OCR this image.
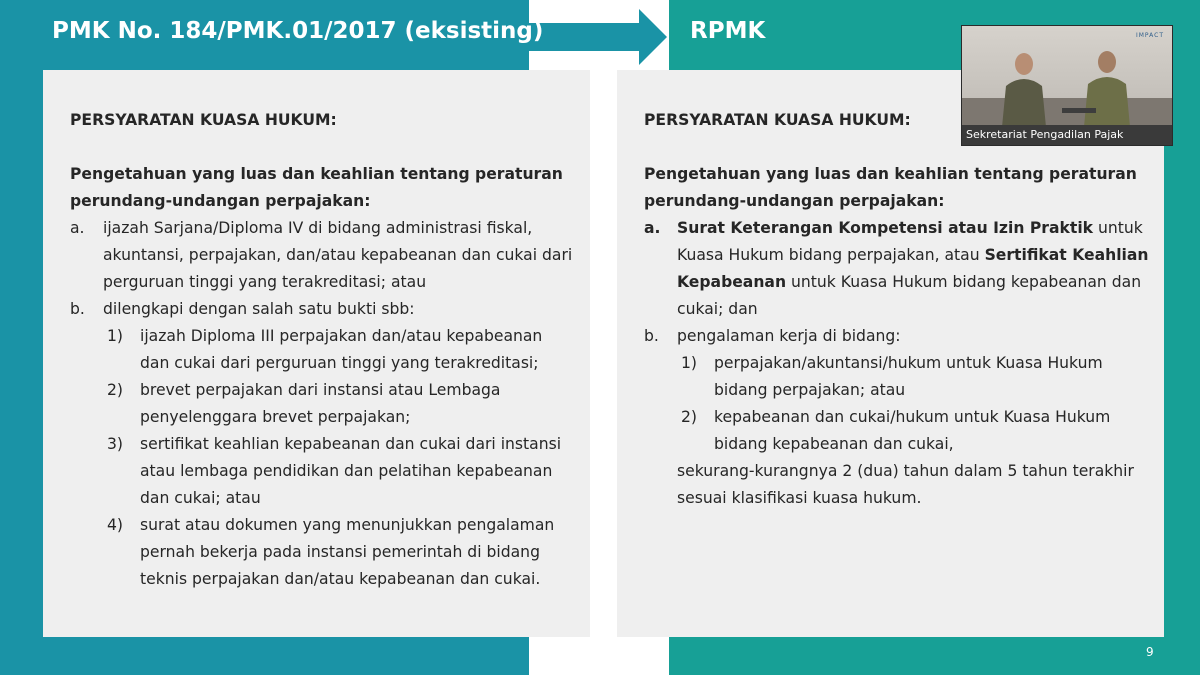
PMK No. 184/PMK.01/2017 (eksisting)	RPMK
PERSYARATAN KUASA HUKUM:
Pengetahuan yang luas dan keahlian tentang peraturan
perundang-undangan perpajakan:
a.	ijazah Sarjana/Diploma IV di bidang administrasi fiskal, akuntansi, perpajakan, dan/atau kepabeanan dan cukai dari perguruan tinggi yang terakreditasi; atau
b.	dilengkapi dengan salah satu bukti sbb:
1)	ijazah Diploma III perpajakan dan/atau kepabeanan dan cukai dari perguruan tinggi yang terakreditasi;
2)	brevet perpajakan dari instansi atau Lembaga penyelenggara brevet perpajakan;
3)	sertifikat keahlian kepabeanan dan cukai dari instansi atau lembaga pendidikan dan pelatihan kepabeanan dan cukai; atau
4)	surat atau dokumen yang menunjukkan pengalaman pernah bekerja pada instansi pemerintah di bidang teknis perpajakan dan/atau kepabeanan dan cukai.
PERSYARATAN KUASA HUKUM:
Pengetahuan yang luas dan keahlian tentang peraturan
perundang-undangan perpajakan:
a.	Surat Keterangan Kompetensi atau Izin Praktik untuk Kuasa Hukum bidang perpajakan, atau Sertifikat Keahlian Kepabeanan untuk Kuasa Hukum bidang kepabeanan dan cukai; dan
b.	pengalaman kerja di bidang:
1)	perpajakan/akuntansi/hukum untuk Kuasa Hukum bidang perpajakan; atau
2)	kepabeanan dan cukai/hukum untuk Kuasa Hukum bidang kepabeanan dan cukai,
sekurang-kurangnya 2 (dua) tahun dalam 5 tahun terakhir sesuai klasifikasi kuasa hukum.
IMPACT
Sekretariat Pengadilan Pajak
9
